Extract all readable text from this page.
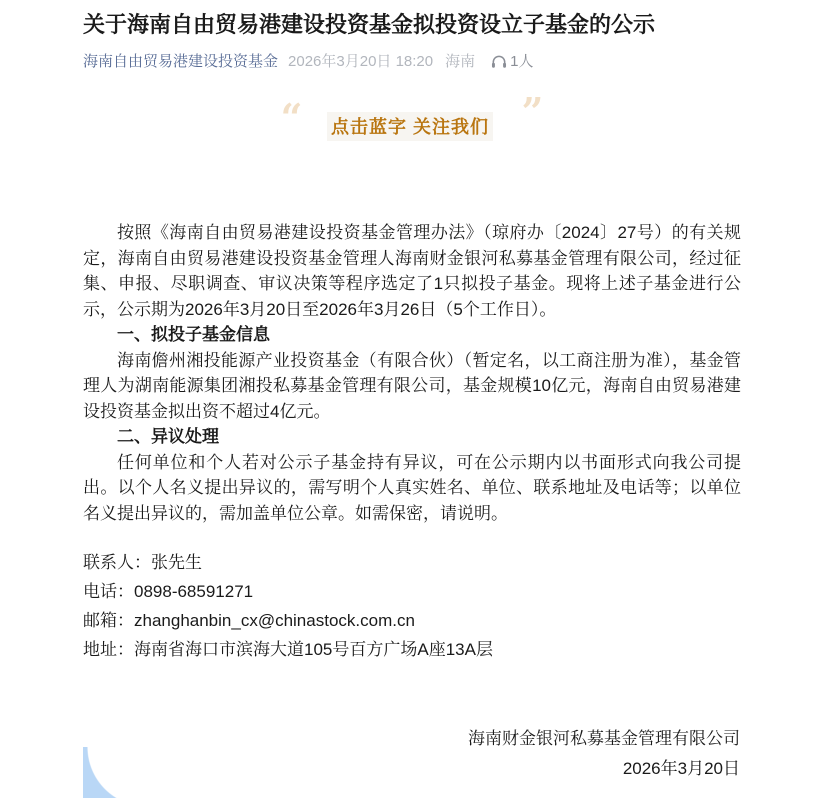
关于海南自由贸易港建设投资基金拟投资设立子基金的公示
海南自由贸易港建设投资基金 2026年3月20日 18:20 海南 1人
“ 点击蓝字 关注我们 ”

按照《海南自由贸易港建设投资基金管理办法》（琼府办〔2024〕27号）的有关规定，海南自由贸易港建设投资基金管理人海南财金银河私募基金管理有限公司，经过征集、申报、尽职调查、审议决策等程序选定了1只拟投子基金。现将上述子基金进行公示，公示期为2026年3月20日至2026年3月26日（5个工作日）。

一、拟投子基金信息

海南儋州湘投能源产业投资基金（有限合伙）（暂定名，以工商注册为准），基金管理人为湖南能源集团湘投私募基金管理有限公司，基金规模10亿元，海南自由贸易港建设投资基金拟出资不超过4亿元。

二、异议处理

任何单位和个人若对公示子基金持有异议，可在公示期内以书面形式向我公司提出。以个人名义提出异议的，需写明个人真实姓名、单位、联系地址及电话等；以单位名义提出异议的，需加盖单位公章。如需保密，请说明。

联系人：张先生
电话：0898-68591271
邮箱：zhanghanbin_cx@chinastock.com.cn
地址：海南省海口市滨海大道105号百方广场A座13A层
海南财金银河私募基金管理有限公司
2026年3月20日
